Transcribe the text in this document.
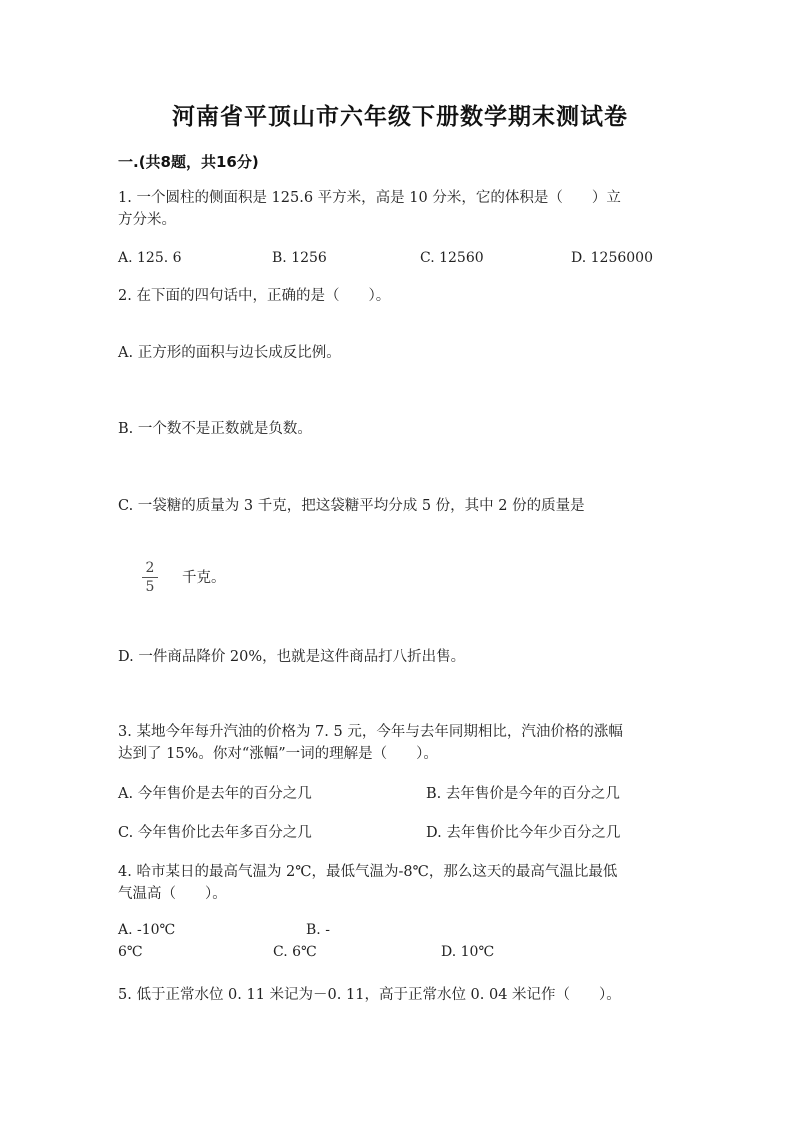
河南省平顶山市六年级下册数学期末测试卷
一.(共8题，共16分)
1. 一个圆柱的侧面积是 125.6 平方米，高是 10 分米，它的体积是（　　）立
方分米。
A. 125. 6	B. 1256	C. 12560	D. 1256000
2. 在下面的四句话中，正确的是（　　）。
A. 正方形的面积与边长成反比例。
B. 一个数不是正数就是负数。
C. 一袋糖的质量为 3 千克，把这袋糖平均分成 5 份，其中 2 份的质量是
2
5
千克。
D. 一件商品降价 20%，也就是这件商品打八折出售。
3. 某地今年每升汽油的价格为 7. 5 元，今年与去年同期相比，汽油价格的涨幅
达到了 15%。你对“涨幅”一词的理解是（　　）。
A. 今年售价是去年的百分之几	B. 去年售价是今年的百分之几
C. 今年售价比去年多百分之几	D. 去年售价比今年少百分之几
4. 哈市某日的最高气温为 2℃，最低气温为-8℃，那么这天的最高气温比最低
气温高（　　）。
A. -10℃	B. -
6℃	C. 6℃	D. 10℃
5. 低于正常水位 0. 11 米记为－0. 11，高于正常水位 0. 04 米记作（　　）。
